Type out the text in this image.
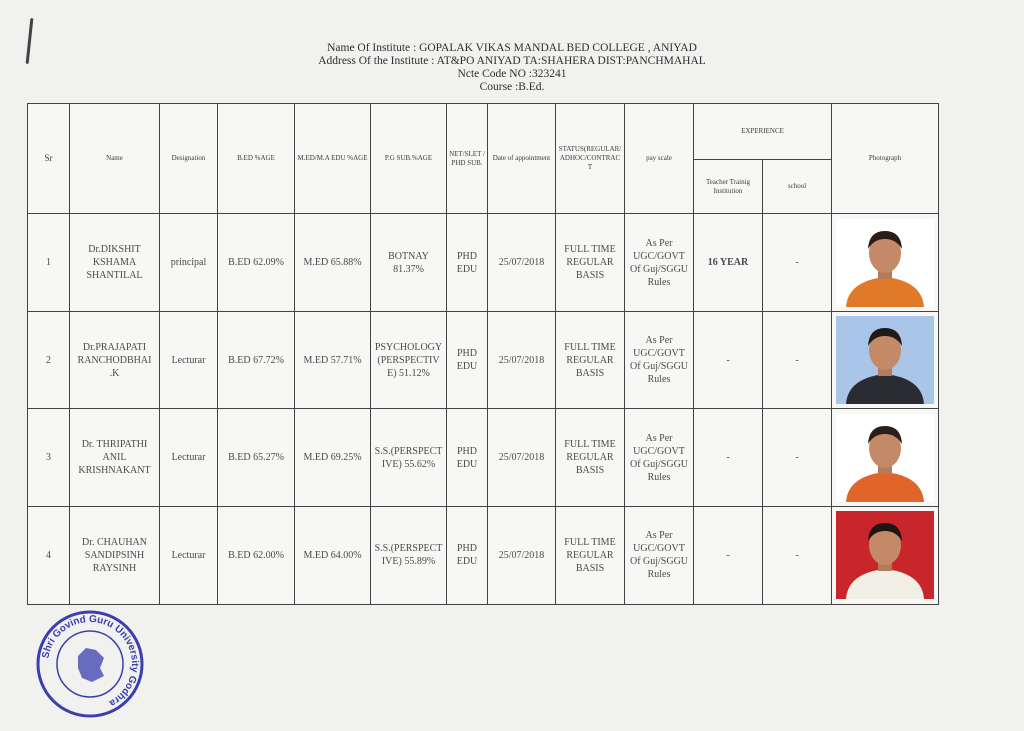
Name Of Institute : GOPALAK VIKAS MANDAL BED COLLEGE , ANIYAD
Address Of the Institute : AT&PO ANIYAD TA:SHAHERA DIST:PANCHMAHAL
Ncte Code NO :323241
Course :B.Ed.
Sr	Name	Designation	B.ED %AGE	M.ED/M.A EDU %AGE	P.G SUB.%AGE	NET/SLET /PHD SUB.	Date of appointment	STATUS(REGULAR/ADHOC/CONTRACT	pay scale	EXPERIENCE		Photograph
										Teacher Trainig Institution	school	
1	Dr.DIKSHIT KSHAMA SHANTILAL	principal	B.ED 62.09%	M.ED 65.88%	BOTNAY 81.37%	PHD EDU	25/07/2018	FULL TIME REGULAR BASIS	As Per UGC/GOVT Of Guj/SGGU Rules	16 YEAR	-	

2	Dr.PRAJAPATI RANCHODBHAI .K	Lecturar	B.ED 67.72%	M.ED 57.71%	PSYCHOLOGY(PERSPECTIVE) 51.12%	PHD EDU	25/07/2018	FULL TIME REGULAR BASIS	As Per UGC/GOVT Of Guj/SGGU Rules	-	-	

3	Dr. THRIPATHI ANIL KRISHNAKANT	Lecturar	B.ED 65.27%	M.ED 69.25%	S.S.(PERSPECTIVE) 55.62%	PHD EDU	25/07/2018	FULL TIME REGULAR BASIS	As Per UGC/GOVT Of Guj/SGGU Rules	-	-	

4	Dr. CHAUHAN SANDIPSINH RAYSINH	Lecturar	B.ED 62.00%	M.ED 64.00%	S.S.(PERSPECTIVE) 55.89%	PHD EDU	25/07/2018	FULL TIME REGULAR BASIS	As Per UGC/GOVT Of Guj/SGGU Rules	-	-	
Shri Govind Guru University Godhra
